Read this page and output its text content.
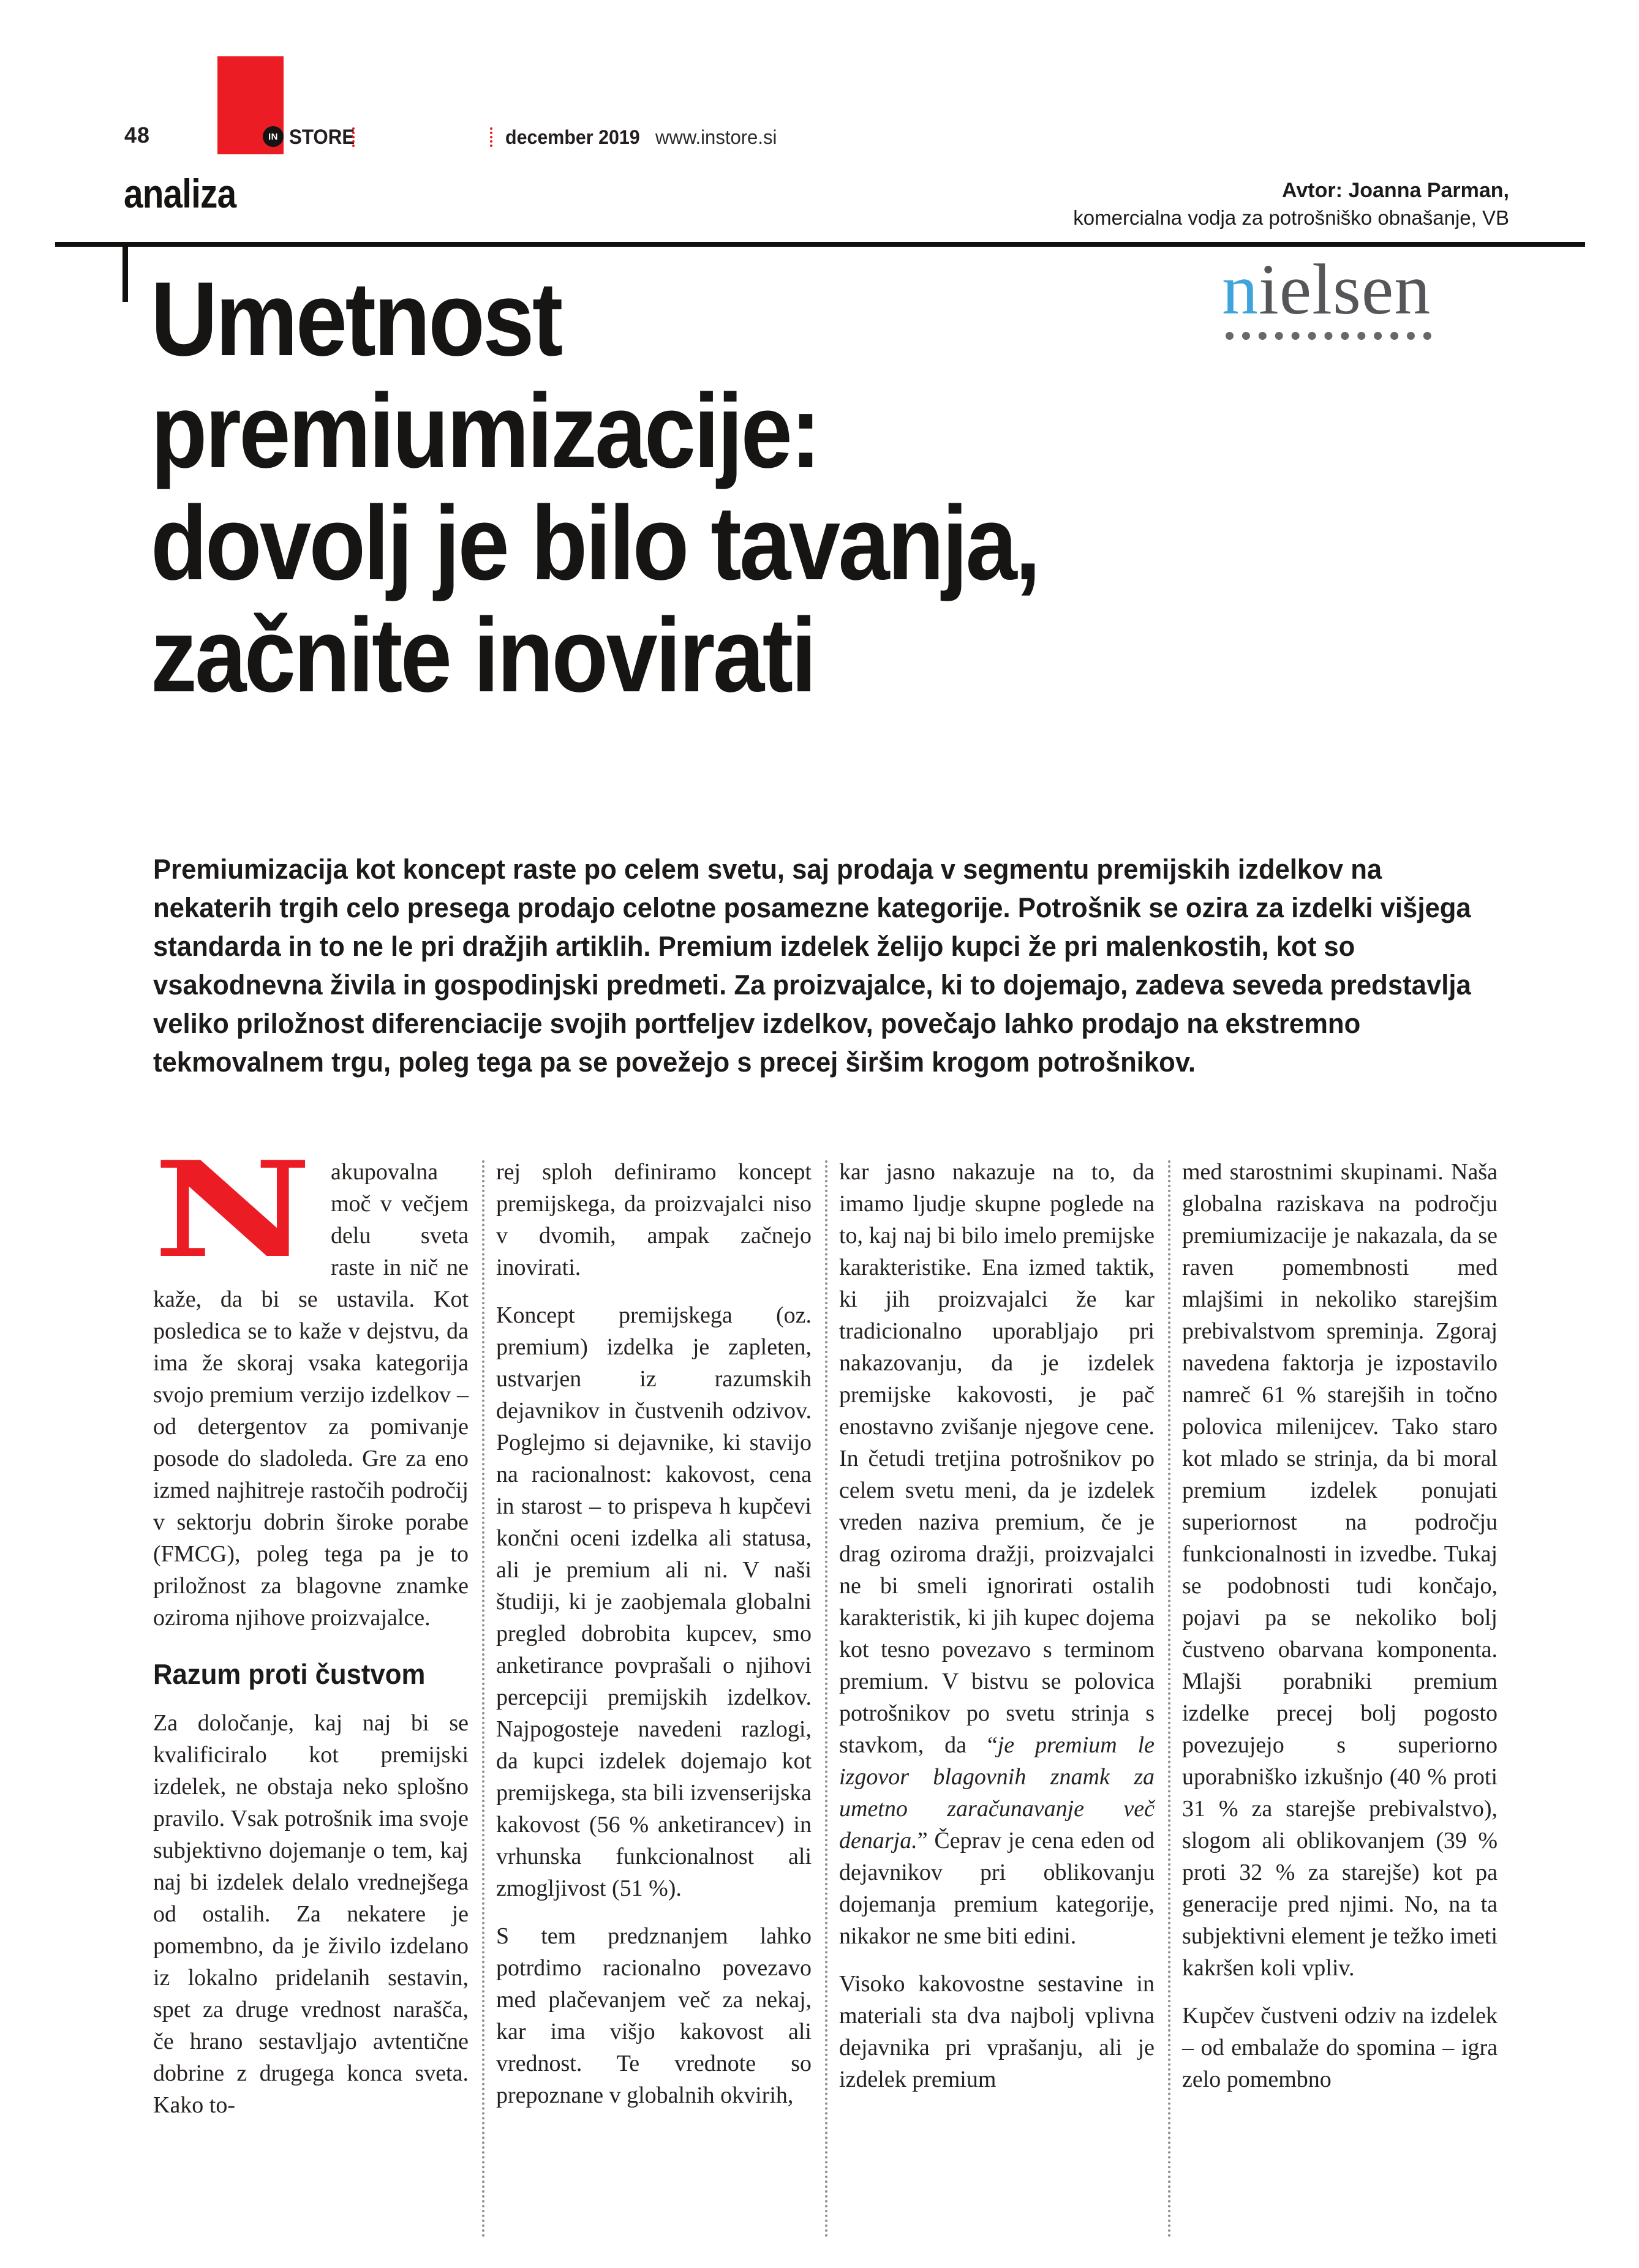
48	IN STORE	december 2019 www.instore.si
analiza	Avtor: Joanna Parman,
komercialna vodja za potrošniško obnašanje, VB
nielsen
Umetnost
premiumizacije:
dovolj je bilo tavanja,
začnite inovirati
Premiumizacija kot koncept raste po celem svetu, saj prodaja v segmentu premijskih izdelkov na nekaterih trgih celo presega prodajo celotne posamezne kategorije. Potrošnik se ozira za izdelki višjega standarda in to ne le pri dražjih artiklih. Premium izdelek želijo kupci že pri malenkostih, kot so vsakodnevna živila in gospodinjski predmeti. Za proizvajalce, ki to dojemajo, zadeva seveda predstavlja veliko priložnost diferenciacije svojih portfeljev izdelkov, povečajo lahko prodajo na ekstremno tekmovalnem trgu, poleg tega pa se povežejo s precej širšim krogom potrošnikov.

Nakupovalna moč v večjem delu sveta raste in nič ne kaže, da bi se ustavila. Kot posledica se to kaže v dejstvu, da ima že skoraj vsaka kategorija svojo premium verzijo izdelkov – od detergentov za pomivanje posode do sladoleda. Gre za eno izmed najhitreje rastočih področij v sektorju dobrin široke porabe (FMCG), poleg tega pa je to priložnost za blagovne znamke oziroma njihove proizvajalce.

Razum proti čustvom

Za določanje, kaj naj bi se kvalificiralo kot premijski izdelek, ne obstaja neko splošno pravilo. Vsak potrošnik ima svoje subjektivno dojemanje o tem, kaj naj bi izdelek delalo vrednejšega od ostalih. Za nekatere je pomembno, da je živilo izdelano iz lokalno pridelanih sestavin, spet za druge vrednost narašča, če hrano sestavljajo avtentične dobrine z drugega konca sveta. Kako to-

rej sploh definiramo koncept premijskega, da proizvajalci niso v dvomih, ampak začnejo inovirati.

Koncept premijskega (oz. premium) izdelka je zapleten, ustvarjen iz razumskih dejavnikov in čustvenih odzivov. Poglejmo si dejavnike, ki stavijo na racionalnost: kakovost, cena in starost – to prispeva h kupčevi končni oceni izdelka ali statusa, ali je premium ali ni. V naši študiji, ki je zaobjemala globalni pregled dobrobita kupcev, smo anketirance povprašali o njihovi percepciji premijskih izdelkov. Najpogosteje navedeni razlogi, da kupci izdelek dojemajo kot premijskega, sta bili izvenserijska kakovost (56 % anketirancev) in vrhunska funkcionalnost ali zmogljivost (51 %).

S tem predznanjem lahko potrdimo racionalno povezavo med plačevanjem več za nekaj, kar ima višjo kakovost ali vrednost. Te vrednote so prepoznane v globalnih okvirih,

kar jasno nakazuje na to, da imamo ljudje skupne poglede na to, kaj naj bi bilo imelo premijske karakteristike. Ena izmed taktik, ki jih proizvajalci že kar tradicionalno uporabljajo pri nakazovanju, da je izdelek premijske kakovosti, je pač enostavno zvišanje njegove cene. In četudi tretjina potrošnikov po celem svetu meni, da je izdelek vreden naziva premium, če je drag oziroma dražji, proizvajalci ne bi smeli ignorirati ostalih karakteristik, ki jih kupec dojema kot tesno povezavo s terminom premium. V bistvu se polovica potrošnikov po svetu strinja s stavkom, da “je premium le izgovor blagovnih znamk za umetno zaračunavanje več denarja.” Čeprav je cena eden od dejavnikov pri oblikovanju dojemanja premium kategorije, nikakor ne sme biti edini.

Visoko kakovostne sestavine in materiali sta dva najbolj vplivna dejavnika pri vprašanju, ali je izdelek premium

med starostnimi skupinami. Naša globalna raziskava na področju premiumizacije je nakazala, da se raven pomembnosti med mlajšimi in nekoliko starejšim prebivalstvom spreminja. Zgoraj navedena faktorja je izpostavilo namreč 61 % starejših in točno polovica milenijcev. Tako staro kot mlado se strinja, da bi moral premium izdelek ponujati superiornost na področju funkcionalnosti in izvedbe. Tukaj se podobnosti tudi končajo, pojavi pa se nekoliko bolj čustveno obarvana komponenta. Mlajši porabniki premium izdelke precej bolj pogosto povezujejo s superiorno uporabniško izkušnjo (40 % proti 31 % za starejše prebivalstvo), slogom ali oblikovanjem (39 % proti 32 % za starejše) kot pa generacije pred njimi. No, na ta subjektivni element je težko imeti kakršen koli vpliv.

Kupčev čustveni odziv na izdelek – od embalaže do spomina – igra zelo pomembno
